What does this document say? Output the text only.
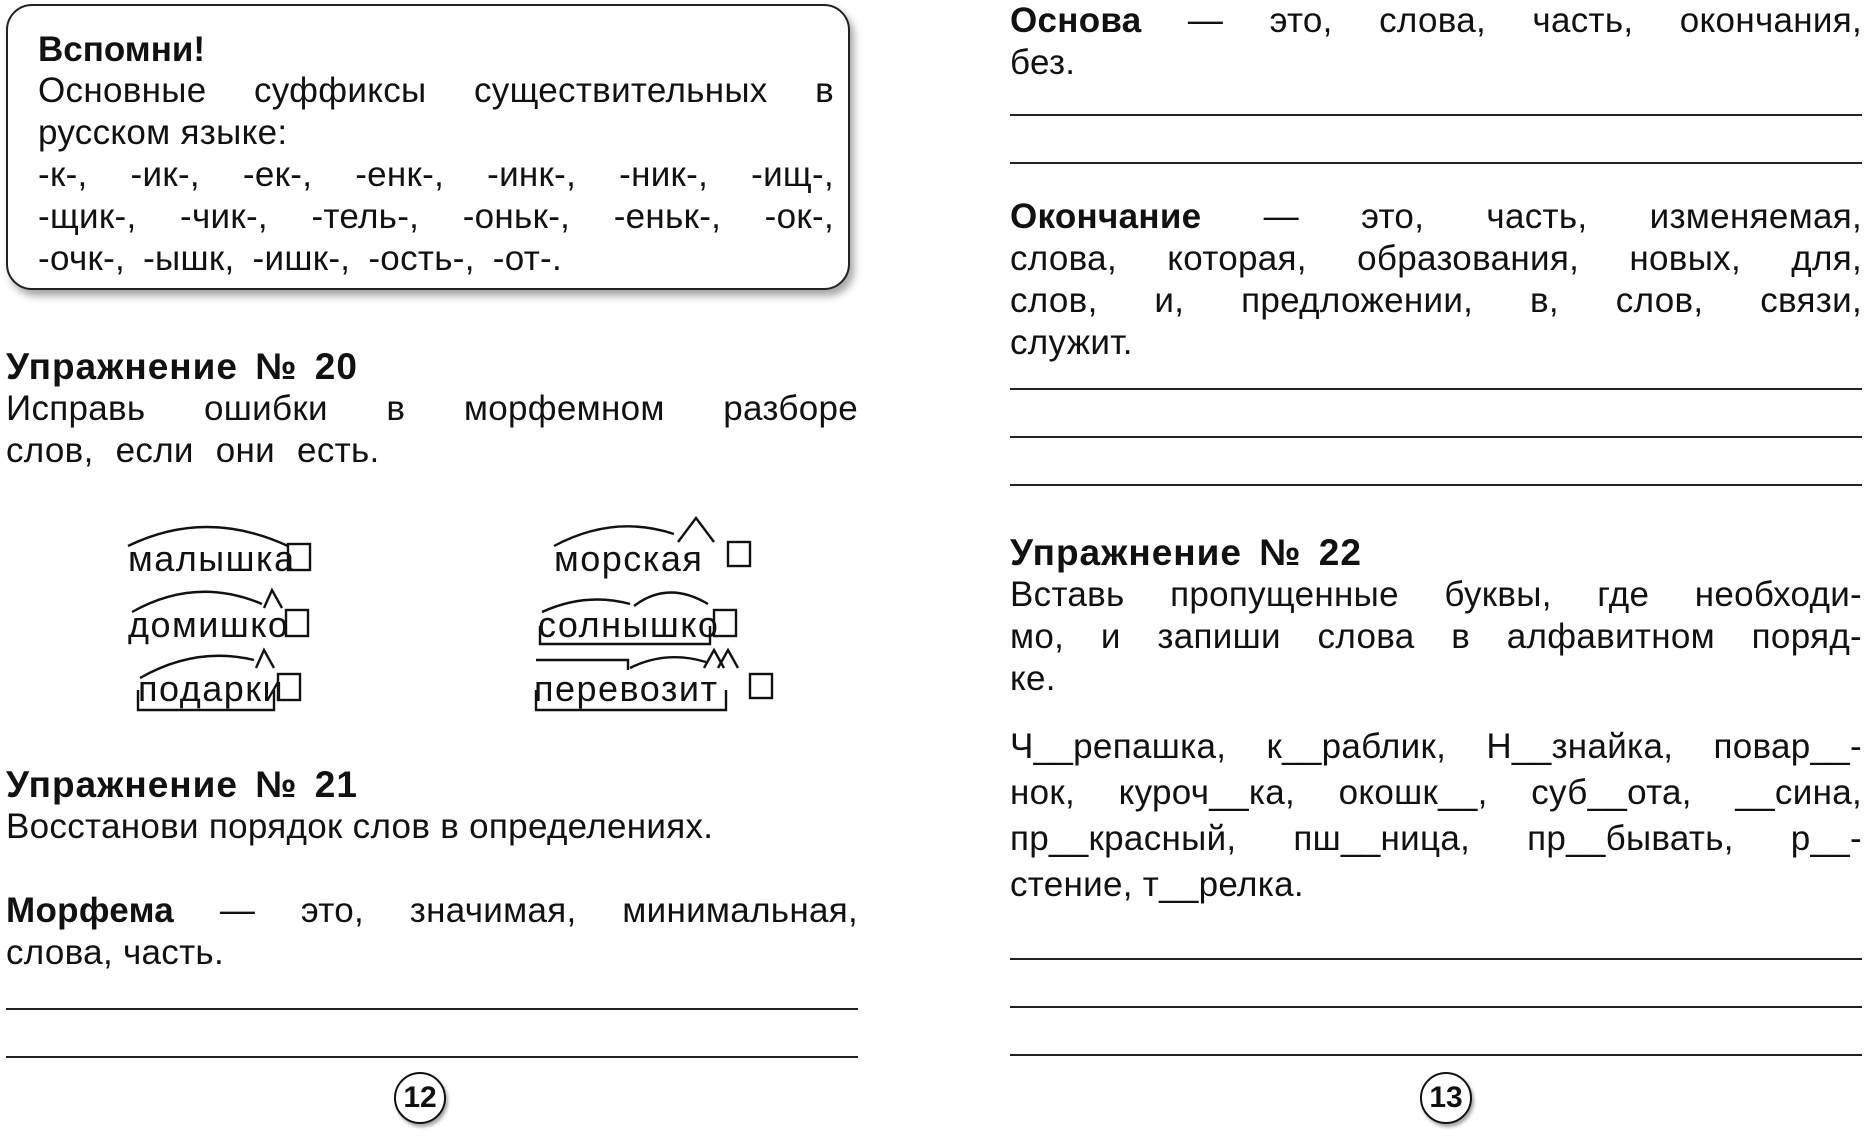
Вспомни!

Основные суффиксы существительных в

русском языке:

-к-, -ик-, -ек-, -енк-, -инк-, -ник-, -ищ-,

-щик-, -чик-, -тель-, -оньк-, -еньк-, -ок-,

-очк-, -ышк, -ишк-, -ость-, -от-.

Упражнение № 20

Исправь ошибки в морфемном разборе

слов, если они есть.

малышка
домишко
подарки
морская
солнышко
перевозит

Упражнение № 21

Восстанови порядок слов в определениях.

Морфема — это, значимая, минимальная,

слова, часть.

12

Основа — это, слова, часть, окончания,

без.

Окончание — это, часть, изменяемая,

слова, которая, образования, новых, для,

слов, и, предложении, в, слов, связи,

служит.

Упражнение № 22

Вставь пропущенные буквы, где необходи-

мо, и запиши слова в алфавитном поряд-

ке.

Ч__репашка, к__раблик, Н__знайка, повар__-

нок, куроч__ка, окошк__, суб__ота, __сина,

пр__красный, пш__ница, пр__бывать, р__-

стение, т__релка.

13
